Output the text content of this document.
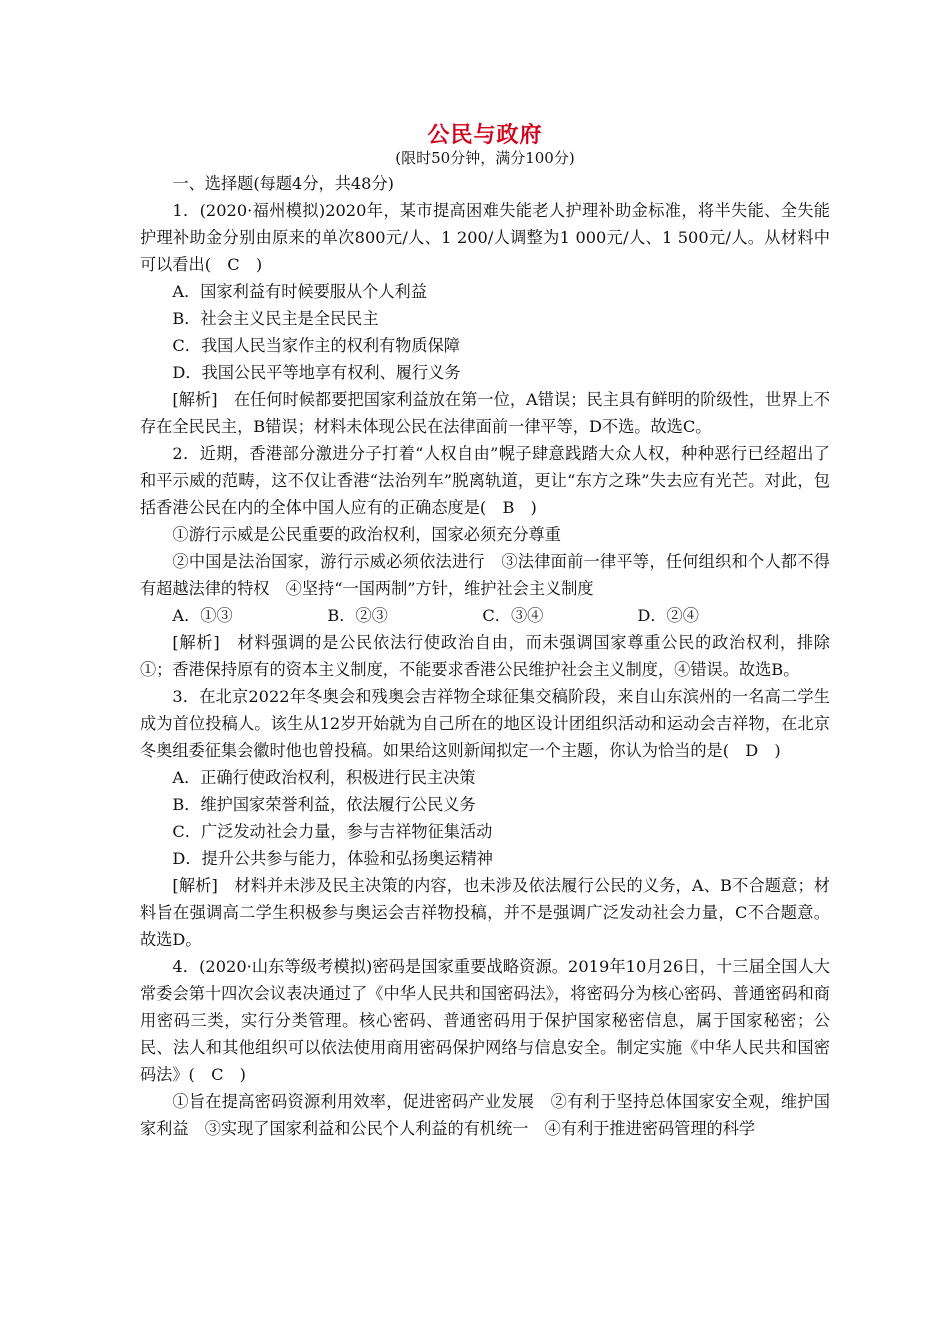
公民与政府

(限时50分钟，满分100分)

一、选择题(每题4分，共48分)

1．(2020·福州模拟)2020年，某市提高困难失能老人护理补助金标准，将半失能、全失能护理补助金分别由原来的单次800元/人、1 200/人调整为1 000元/人、1 500元/人。从材料中可以看出(　C　)

A．国家利益有时候要服从个人利益

B．社会主义民主是全民民主

C．我国人民当家作主的权利有物质保障

D．我国公民平等地享有权利、履行义务

[解析]　在任何时候都要把国家利益放在第一位，A错误；民主具有鲜明的阶级性，世界上不存在全民民主，B错误；材料未体现公民在法律面前一律平等，D不选。故选C。

2．近期，香港部分激进分子打着“人权自由”幌子肆意践踏大众人权，种种恶行已经超出了和平示威的范畴，这不仅让香港“法治列车”脱离轨道，更让“东方之珠”失去应有光芒。对此，包括香港公民在内的全体中国人应有的正确态度是(　B　)

①游行示威是公民重要的政治权利，国家必须充分尊重

②中国是法治国家，游行示威必须依法进行　③法律面前一律平等，任何组织和个人都不得有超越法律的特权　④坚持“一国两制”方针，维护社会主义制度

A．①③	B．②③	C．③④	D．②④

[解析]　材料强调的是公民依法行使政治自由，而未强调国家尊重公民的政治权利，排除①；香港保持原有的资本主义制度，不能要求香港公民维护社会主义制度，④错误。故选B。

3．在北京2022年冬奥会和残奥会吉祥物全球征集交稿阶段，来自山东滨州的一名高二学生成为首位投稿人。该生从12岁开始就为自己所在的地区设计团组织活动和运动会吉祥物，在北京冬奥组委征集会徽时他也曾投稿。如果给这则新闻拟定一个主题，你认为恰当的是(　D　)

A．正确行使政治权利，积极进行民主决策

B．维护国家荣誉利益，依法履行公民义务

C．广泛发动社会力量，参与吉祥物征集活动

D．提升公共参与能力，体验和弘扬奥运精神

[解析]　材料并未涉及民主决策的内容，也未涉及依法履行公民的义务，A、B不合题意；材料旨在强调高二学生积极参与奥运会吉祥物投稿，并不是强调广泛发动社会力量，C不合题意。故选D。

4．(2020·山东等级考模拟)密码是国家重要战略资源。2019年10月26日，十三届全国人大常委会第十四次会议表决通过了《中华人民共和国密码法》，将密码分为核心密码、普通密码和商用密码三类，实行分类管理。核心密码、普通密码用于保护国家秘密信息，属于国家秘密；公民、法人和其他组织可以依法使用商用密码保护网络与信息安全。制定实施《中华人民共和国密码法》(　C　)

①旨在提高密码资源利用效率，促进密码产业发展　②有利于坚持总体国家安全观，维护国家利益　③实现了国家利益和公民个人利益的有机统一　④有利于推进密码管理的科学
